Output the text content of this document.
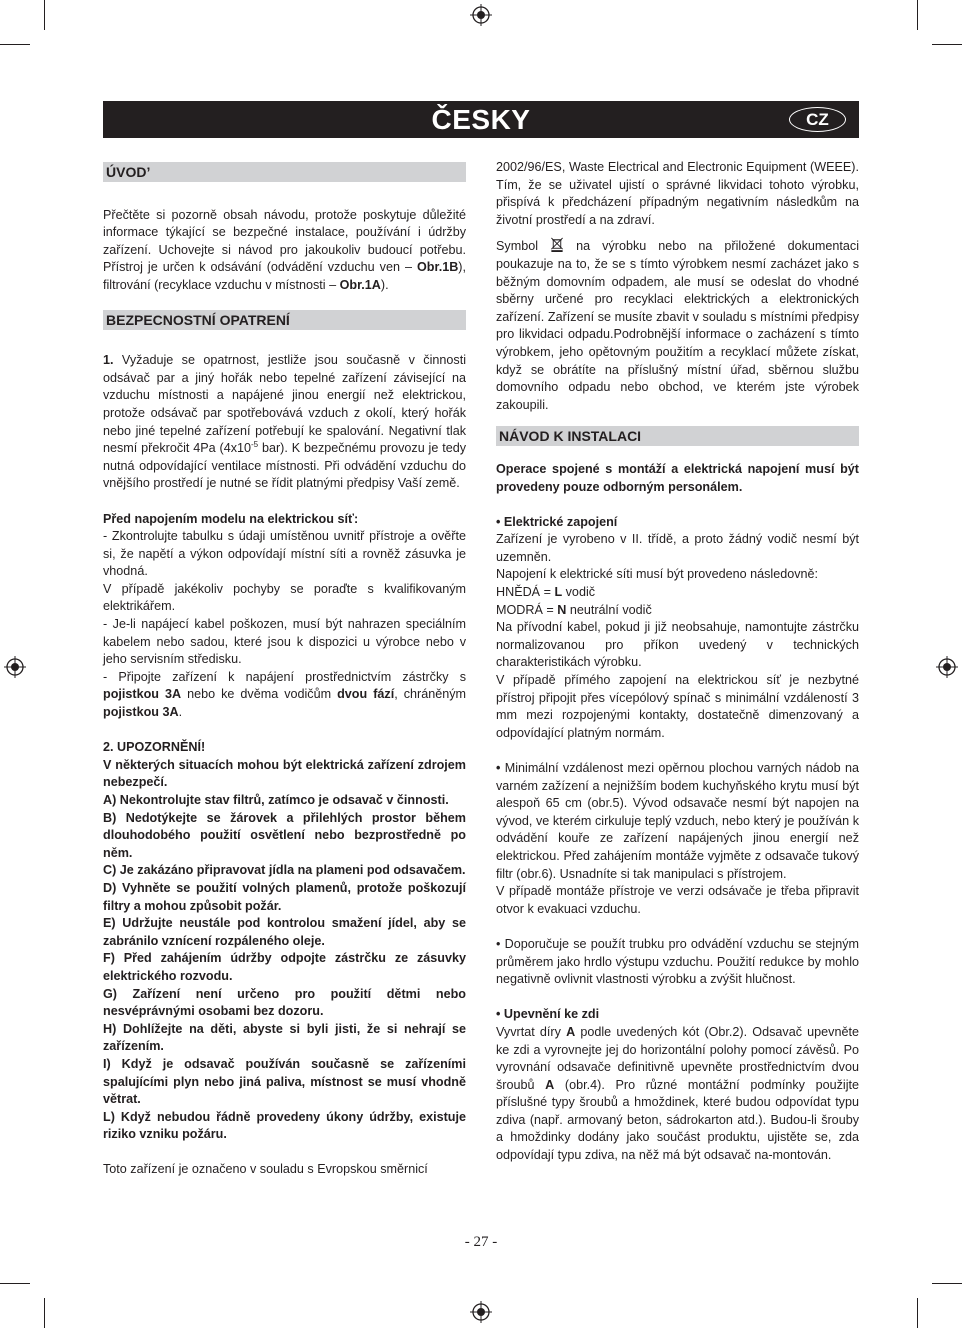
ČESKY	CZ
ÚVOD’

Přečtěte si pozorně obsah návodu, protože poskytuje důležité informace týkající se bezpečné instalace, používání i údržby zařízení. Uchovejte si návod pro jakoukoliv budoucí potřebu. Přístroj je určen k odsávání (odvádění vzduchu ven – Obr.1B), filtrování (recyklace vzduchu v místnosti – Obr.1A).

BEZPECNOSTNÍ OPATRENÍ

1. Vyžaduje se opatrnost, jestliže jsou současně v činnosti odsávač par a jiný hořák nebo tepelné zařízení závisející na vzduchu místnosti a napájené jinou energií než elektrickou, protože odsávač par spotřebovává vzduch z okolí, který hořák nebo jiné tepelné zařízení potřebují ke spalování. Negativní tlak nesmí překročit 4Pa ($4x10^{-5}$ bar). K bezpečnému provozu je tedy nutná odpovídající ventilace místnosti. Při odvádění vzduchu do vnějšího prostředí je nutné se řídit platnými předpisy Vaší země.

Před napojením modelu na elektrickou síť:

- Zkontrolujte tabulku s údaji umístěnou uvnitř přístroje a ověřte si, že napětí a výkon odpovídají místní síti a rovněž zásuvka je vhodná.

V případě jakékoliv pochyby se poraďte s kvalifikovaným elektrikářem.

- Je-li napájecí kabel poškozen, musí být nahrazen speciálním kabelem nebo sadou, které jsou k dispozici u výrobce nebo v jeho servisním středisku.

- Připojte zařízení k napájení prostřednictvím zástrčky s pojistkou 3A nebo ke dvěma vodičům dvou fází, chráněným pojistkou 3A.

2. UPOZORNĚNÍ!

V některých situacích mohou být elektrická zařízení zdrojem nebezpečí.

A) Nekontrolujte stav filtrů, zatímco je odsavač v činnosti.

B) Nedotýkejte se žárovek a přilehlých prostor během dlouhodobého použití osvětlení nebo bezprostředně po něm.

C) Je zakázáno připravovat jídla na plameni pod odsavačem.

D) Vyhněte se použití volných plamenů, protože poškozují filtry a mohou způsobit požár.

E) Udržujte neustále pod kontrolou smažení jídel, aby se zabránilo vznícení rozpáleného oleje.

F) Před zahájením údržby odpojte zástrčku ze zásuvky elektrického rozvodu.

G) Zařízení není určeno pro použití dětmi nebo nesvéprávnými osobami bez dozoru.

H) Dohlížejte na děti, abyste si byli jisti, že si nehrají se zařízením.

I) Když je odsavač používán současně se zařízeními spalujícími plyn nebo jiná paliva, místnost se musí vhodně větrat.

L) Když nebudou řádně provedeny úkony údržby, existuje riziko vzniku požáru.

Toto zařízení je označeno v souladu s Evropskou směrnicí

2002/96/ES, Waste Electrical and Electronic Equipment (WEEE). Tím, že se uživatel ujistí o správné likvidaci tohoto výrobku, přispívá k předcházení případným negativním následkům na životní prostředí a na zdraví.

Symbol  na výrobku nebo na přiložené dokumentaci poukazuje na to, že se s tímto výrobkem nesmí zacházet jako s běžným domovním odpadem, ale musí se odeslat do vhodné sběrny určené pro recyklaci elektrických a elektronických zařízení. Zařízení se musíte zbavit v souladu s místními předpisy pro likvidaci odpadu.Podrobnější informace o zacházení s tímto výrobkem, jeho opětovným použitím a recyklací můžete získat, když se obrátíte na příslušný místní úřad, sběrnou službu domovního odpadu nebo obchod, ve kterém jste výrobek zakoupili.

NÁVOD K INSTALACI

Operace spojené s montáží a elektrická napojení musí být provedeny pouze odborným personálem.

• Elektrické zapojení

Zařízení je vyrobeno v II. třídě, a proto žádný vodič nesmí být uzemněn.

Napojení k elektrické síti musí být provedeno následovně:

HNĚDÁ = L vodič

MODRÁ = N neutrální vodič

Na přívodní kabel, pokud ji již neobsahuje, namontujte zástrčku normalizovanou pro příkon uvedený v technických charakteristikách výrobku.

V případě přímého zapojení na elektrickou síť je nezbytné přístroj připojit přes vícepólový spínač s minimální vzdáleností 3 mm mezi rozpojenými kontakty, dostatečně dimenzovaný a odpovídající platným normám.

• Minimální vzdálenost mezi opěrnou plochou varných nádob na varném zažízení a nejnižším bodem kuchyňského krytu musí být alespoň 65 cm (obr.5). Vývod odsavače nesmí být napojen na vývod, ve kterém cirkuluje teplý vzduch, nebo který je používán k odvádění kouře ze zařízení napájených jinou energií než elektrickou. Před zahájením montáže vyjměte z odsavače tukový filtr (obr.6). Usnadníte si tak manipulaci s přístrojem.

V případě montáže přístroje ve verzi odsávače je třeba připravit otvor k evakuaci vzduchu.

• Doporučuje se použít trubku pro odvádění vzduchu se stejným průměrem jako hrdlo výstupu vzduchu. Použití redukce by mohlo negativně ovlivnit vlastnosti výrobku a zvýšit hlučnost.

• Upevnění ke zdi

Vyvrtat díry A podle uvedených kót (Obr.2). Odsavač upevněte ke zdi a vyrovnejte jej do horizontální polohy pomocí závěsů. Po vyrovnání odsavače definitivně upevněte prostřednictvím dvou šroubů A (obr.4). Pro různé montážní podmínky použijte příslušné typy šroubů a hmoždinek, které budou odpovídat typu zdiva (např. armovaný beton, sádrokarton atd.). Budou-li šrouby a hmoždinky dodány jako součást produktu, ujistěte se, zda odpovídají typu zdiva, na něž má být odsavač na-montován.

- 27 -
